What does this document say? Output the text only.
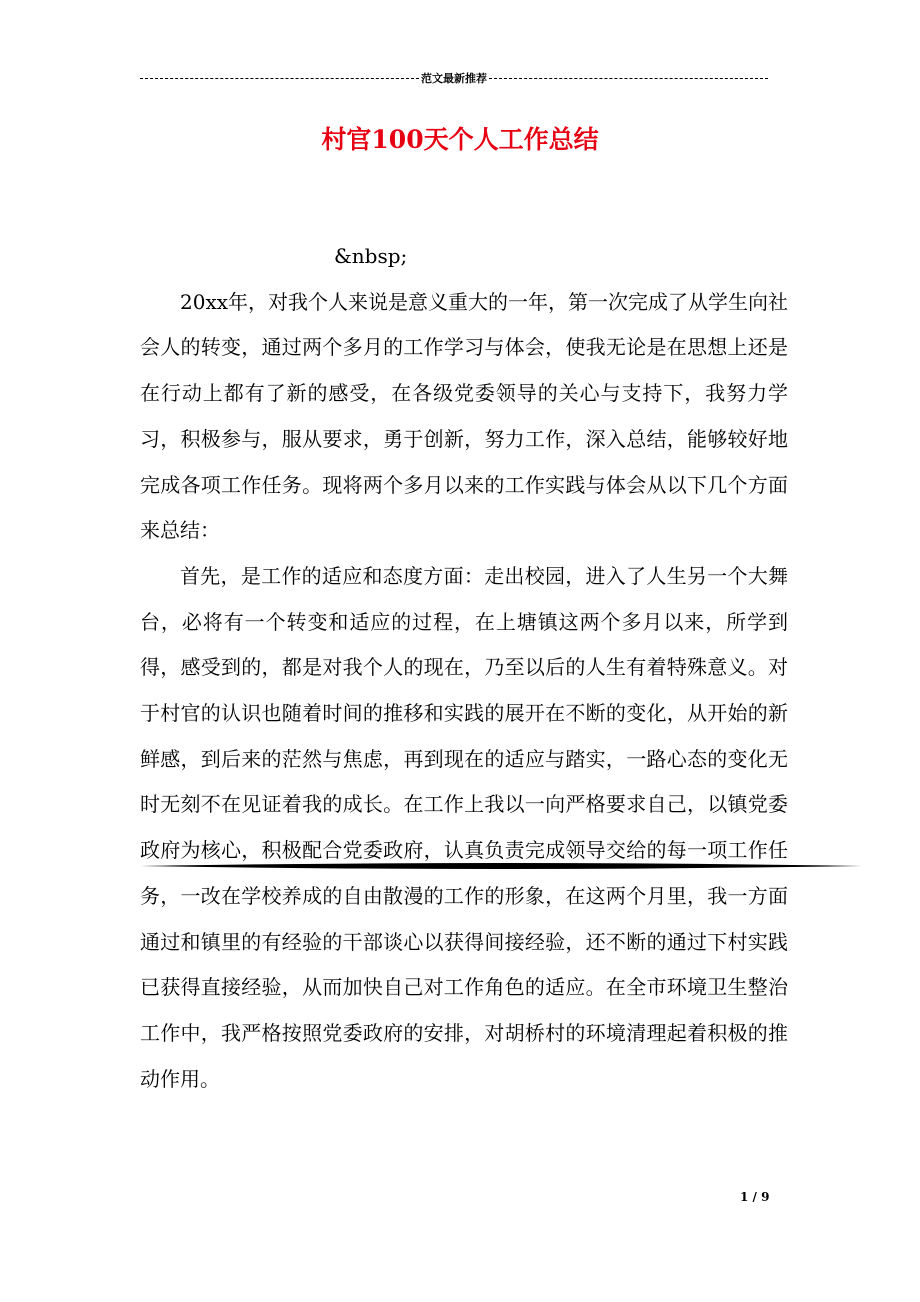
范文最新推荐
村官100天个人工作总结

&nbsp;

20xx年，对我个人来说是意义重大的一年，第一次完成了从学生向社会人的转变，通过两个多月的工作学习与体会，使我无论是在思想上还是在行动上都有了新的感受，在各级党委领导的关心与支持下，我努力学习，积极参与，服从要求，勇于创新，努力工作，深入总结，能够较好地完成各项工作任务。现将两个多月以来的工作实践与体会从以下几个方面来总结：

首先，是工作的适应和态度方面：走出校园，进入了人生另一个大舞台，必将有一个转变和适应的过程，在上塘镇这两个多月以来，所学到得，感受到的，都是对我个人的现在，乃至以后的人生有着特殊意义。对于村官的认识也随着时间的推移和实践的展开在不断的变化，从开始的新鲜感，到后来的茫然与焦虑，再到现在的适应与踏实，一路心态的变化无时无刻不在见证着我的成长。在工作上我以一向严格要求自己，以镇党委政府为核心，积极配合党委政府，认真负责完成领导交给的每一项工作任务，一改在学校养成的自由散漫的工作的形象，在这两个月里，我一方面通过和镇里的有经验的干部谈心以获得间接经验，还不断的通过下村实践已获得直接经验，从而加快自己对工作角色的适应。在全市环境卫生整治工作中，我严格按照党委政府的安排，对胡桥村的环境清理起着积极的推动作用。

1 / 9
